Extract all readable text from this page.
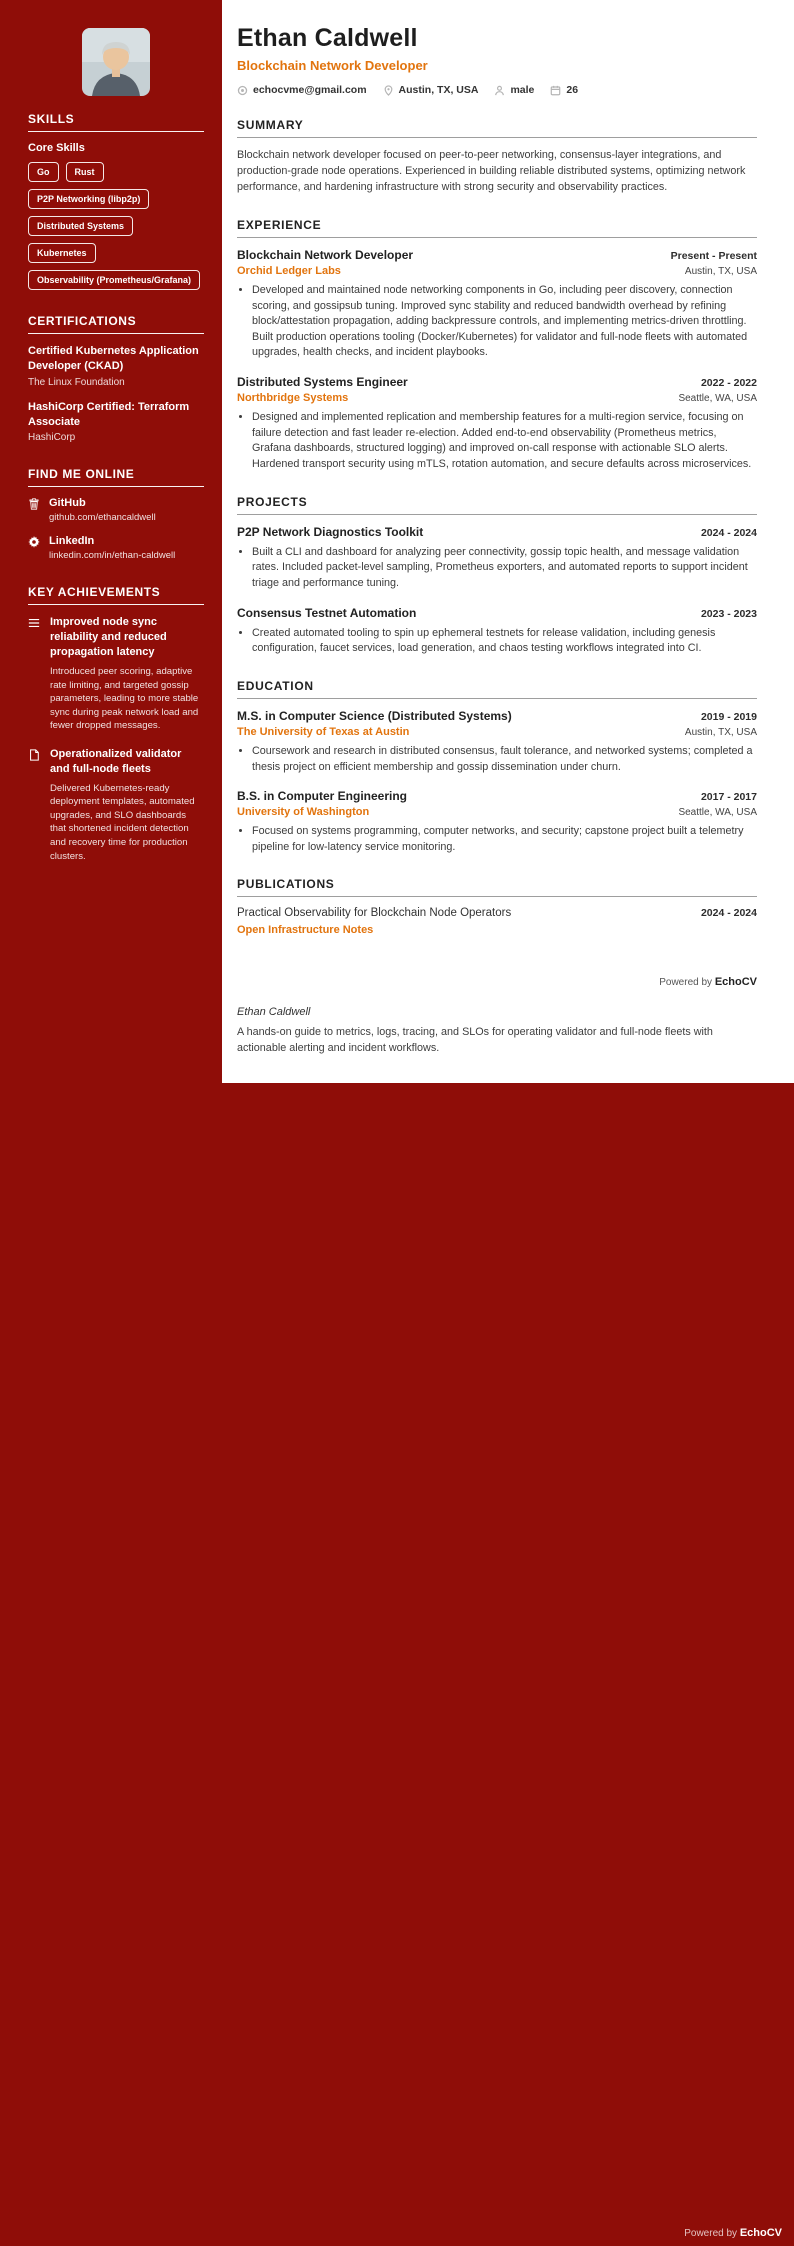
SKILLS
Core Skills
Go	Rust
P2P Networking (libp2p)
Distributed Systems
Kubernetes
Observability (Prometheus/Grafana)
CERTIFICATIONS
Certified Kubernetes Application Developer (CKAD)
The Linux Foundation
HashiCorp Certified: Terraform Associate
HashiCorp
FIND ME ONLINE
GitHub
github.com/ethancaldwell
LinkedIn
linkedin.com/in/ethan-caldwell
KEY ACHIEVEMENTS
Improved node sync reliability and reduced propagation latency
Introduced peer scoring, adaptive rate limiting, and targeted gossip parameters, leading to more stable sync during peak network load and fewer dropped messages.
Operationalized validator and full-node fleets
Delivered Kubernetes-ready deployment templates, automated upgrades, and SLO dashboards that shortened incident detection and recovery time for production clusters.
Ethan Caldwell
Blockchain Network Developer
echocvme@gmail.com	Austin, TX, USA	male	26
SUMMARY

Blockchain network developer focused on peer-to-peer networking, consensus-layer integrations, and production-grade node operations. Experienced in building reliable distributed systems, optimizing network performance, and hardening infrastructure with strong security and observability practices.

EXPERIENCE
Blockchain Network Developer	Present - Present
Orchid Ledger Labs	Austin, TX, USA
• Developed and maintained node networking components in Go, including peer discovery, connection scoring, and gossipsub tuning. Improved sync stability and reduced bandwidth overhead by refining block/attestation propagation, adding backpressure controls, and implementing metrics-driven throttling. Built production operations tooling (Docker/Kubernetes) for validator and full-node fleets with automated upgrades, health checks, and incident playbooks.
Distributed Systems Engineer	2022 - 2022
Northbridge Systems	Seattle, WA, USA
• Designed and implemented replication and membership features for a multi-region service, focusing on failure detection and fast leader re-election. Added end-to-end observability (Prometheus metrics, Grafana dashboards, structured logging) and improved on-call response with actionable SLO alerts. Hardened transport security using mTLS, rotation automation, and secure defaults across microservices.
PROJECTS
P2P Network Diagnostics Toolkit	2024 - 2024
• Built a CLI and dashboard for analyzing peer connectivity, gossip topic health, and message validation rates. Included packet-level sampling, Prometheus exporters, and automated reports to support incident triage and performance tuning.
Consensus Testnet Automation	2023 - 2023
• Created automated tooling to spin up ephemeral testnets for release validation, including genesis configuration, faucet services, load generation, and chaos testing workflows integrated into CI.
EDUCATION
M.S. in Computer Science (Distributed Systems)	2019 - 2019
The University of Texas at Austin	Austin, TX, USA
• Coursework and research in distributed consensus, fault tolerance, and networked systems; completed a thesis project on efficient membership and gossip dissemination under churn.
B.S. in Computer Engineering	2017 - 2017
University of Washington	Seattle, WA, USA
• Focused on systems programming, computer networks, and security; capstone project built a telemetry pipeline for low-latency service monitoring.
PUBLICATIONS
Practical Observability for Blockchain Node Operators	2024 - 2024
Open Infrastructure Notes
Powered by EchoCV
Ethan Caldwell

A hands-on guide to metrics, logs, tracing, and SLOs for operating validator and full-node fleets with actionable alerting and incident workflows.

Powered by EchoCV
